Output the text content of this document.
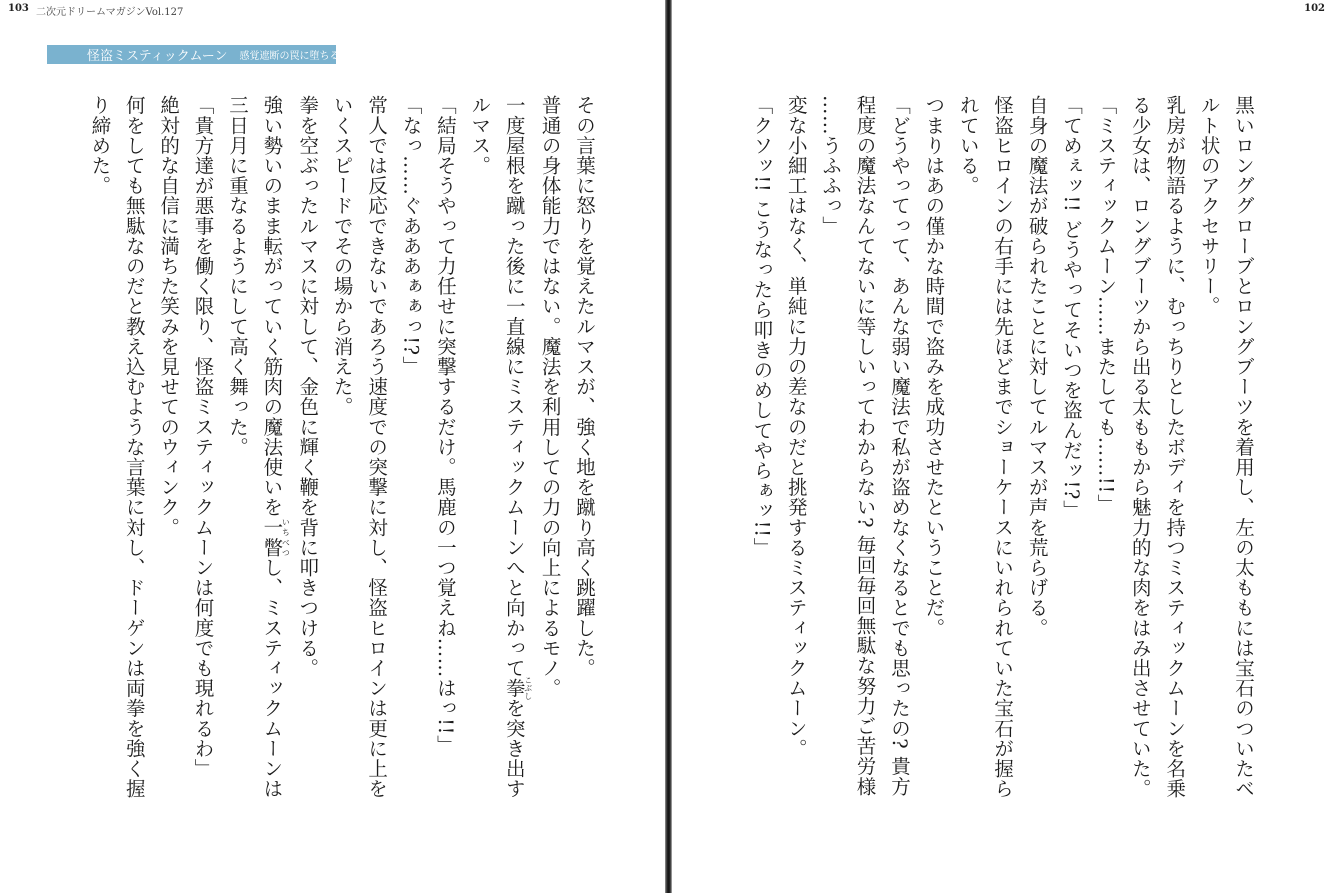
103 二次元ドリームマガジンVol.127
怪盗ミスティックムーン 感覚遮断の罠に堕ちるヒロイン
その言葉に怒りを覚えたルマスが、強く地を蹴り高く跳躍した。
普通の身体能力ではない。魔法を利用しての力の向上によるモノ。
一度屋根を蹴った後に一直線にミスティックムーンへと向かって拳こぶしを突き出す
ルマス。
「結局そうやって力任せに突撃するだけ。馬鹿の一つ覚えね……はっ!!」
「なっ……ぐあああぁぁっ!?」
常人では反応できないであろう速度での突撃に対し、怪盗ヒロインは更に上を
いくスピードでその場から消えた。
拳を空ぶったルマスに対して、金色に輝く鞭を背に叩きつける。
強い勢いのまま転がっていく筋肉の魔法使いを一瞥いちべつし、ミスティックムーンは
三日月に重なるようにして高く舞った。
「貴方達が悪事を働く限り、怪盗ミスティックムーンは何度でも現れるわ」
絶対的な自信に満ちた笑みを見せてのウィンク。
何をしても無駄なのだと教え込むような言葉に対し、ドーゲンは両拳を強く握
り締めた。
102
黒いロンググローブとロングブーツを着用し、左の太ももには宝石のついたベ
ルト状のアクセサリー。
乳房が物語るように、むっちりとしたボディを持つミスティックムーンを名乗
る少女は、ロングブーツから出る太ももから魅力的な肉をはみ出させていた。
「ミスティックムーン……またしても……!!」
「てめぇッ!! どうやってそいつを盗んだッ!?」
自身の魔法が破られたことに対してルマスが声を荒らげる。
怪盗ヒロインの右手には先ほどまでショーケースにいれられていた宝石が握ら
れている。
つまりはあの僅かな時間で盗みを成功させたということだ。
「どうやってって、あんな弱い魔法で私が盗めなくなるとでも思ったの? 貴方
程度の魔法なんてないに等しいってわからない? 毎回毎回無駄な努力ご苦労様
……うふふっ」
変な小細工はなく、単純に力の差なのだと挑発するミスティックムーン。
「クソッ!! こうなったら叩きのめしてやらぁッ!!」
